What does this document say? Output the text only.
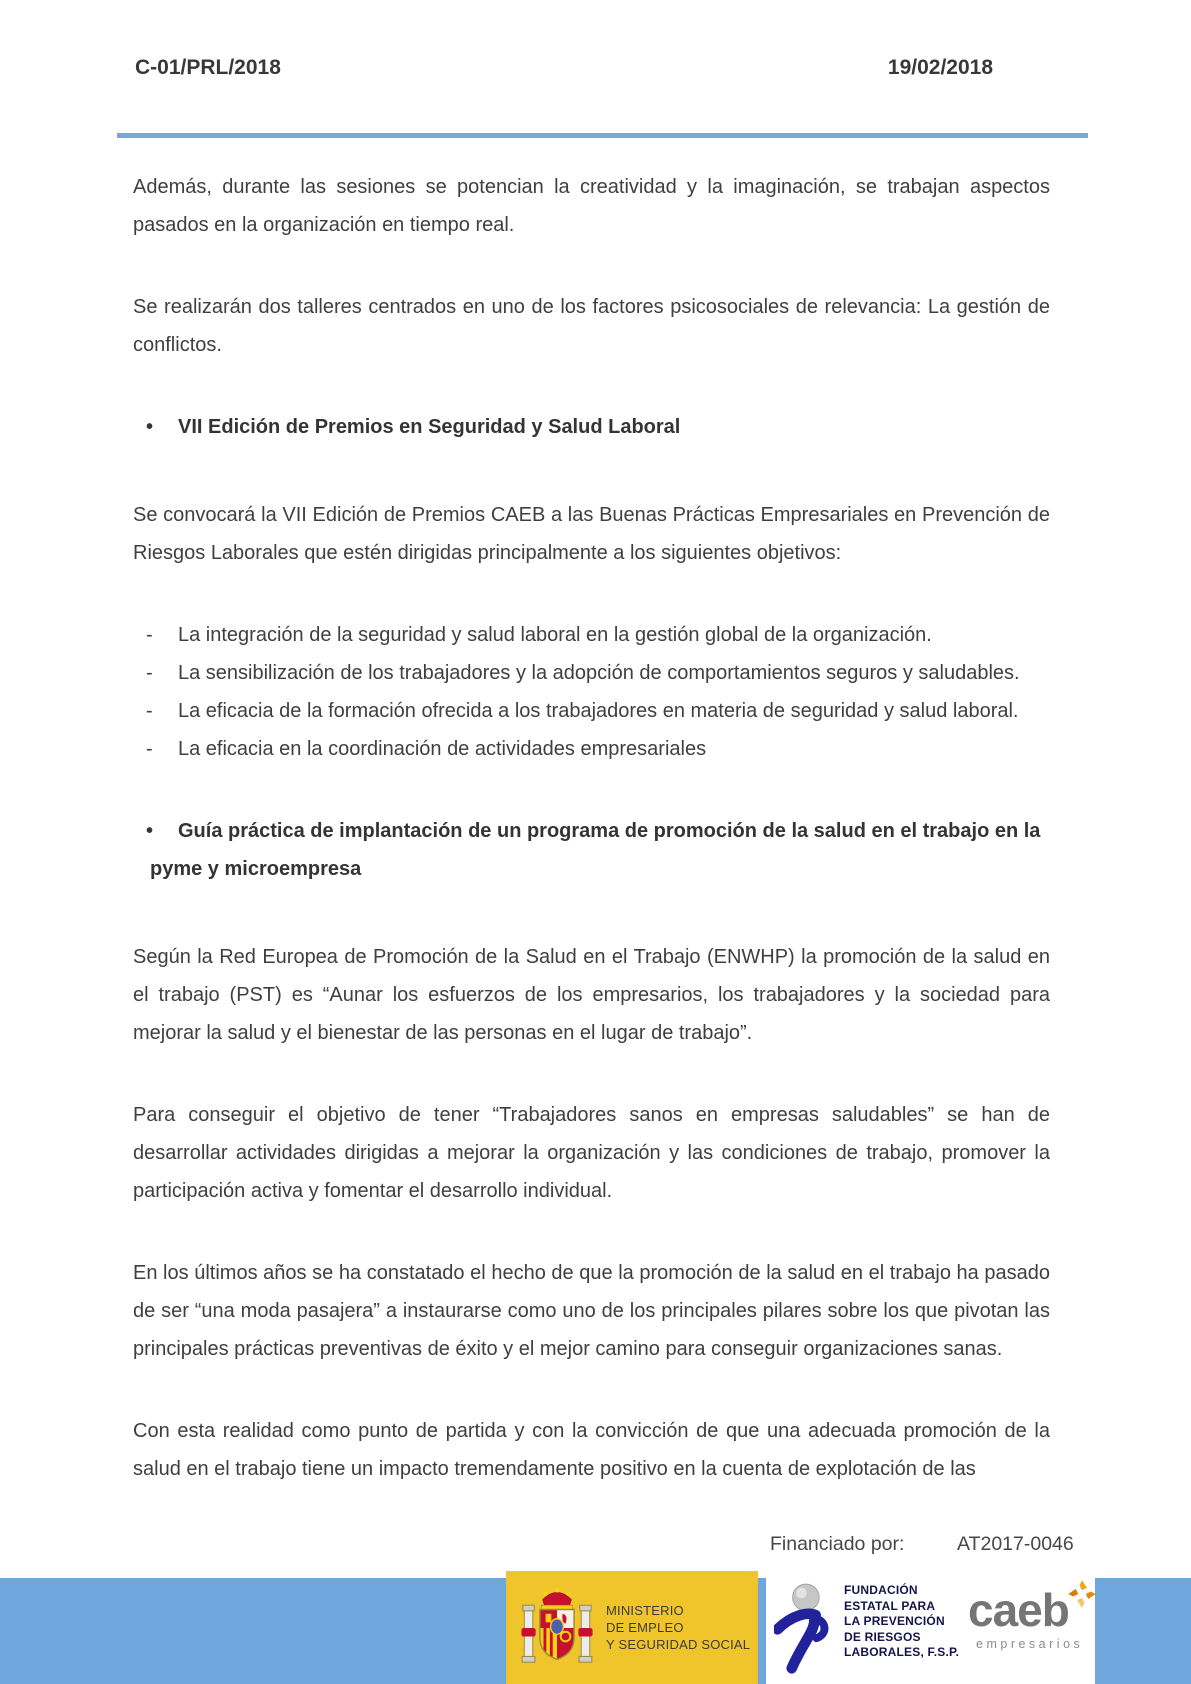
C-01/PRL/2018	19/02/2018

Además, durante las sesiones se potencian la creatividad y la imaginación, se trabajan aspectos pasados en la organización en tiempo real.

Se realizarán dos talleres centrados en uno de los factores psicosociales de relevancia: La gestión de conflictos.

• VII Edición de Premios en Seguridad y Salud Laboral

Se convocará la VII Edición de Premios CAEB a las Buenas Prácticas Empresariales en Prevención de Riesgos Laborales que estén dirigidas principalmente a los siguientes objetivos:

- La integración de la seguridad y salud laboral en la gestión global de la organización.
- La sensibilización de los trabajadores y la adopción de comportamientos seguros y saludables.
- La eficacia de la formación ofrecida a los trabajadores en materia de seguridad y salud laboral.
- La eficacia en la coordinación de actividades empresariales
• Guía práctica de implantación de un programa de promoción de la salud en el trabajo en la pyme y microempresa

Según la Red Europea de Promoción de la Salud en el Trabajo (ENWHP) la promoción de la salud en el trabajo (PST) es “Aunar los esfuerzos de los empresarios, los trabajadores y la sociedad para mejorar la salud y el bienestar de las personas en el lugar de trabajo”.

Para conseguir el objetivo de tener “Trabajadores sanos en empresas saludables” se han de desarrollar actividades dirigidas a mejorar la organización y las condiciones de trabajo, promover la participación activa y fomentar el desarrollo individual.

En los últimos años se ha constatado el hecho de que la promoción de la salud en el trabajo ha pasado de ser “una moda pasajera” a instaurarse como uno de los principales pilares sobre los que pivotan las principales prácticas preventivas de éxito y el mejor camino para conseguir organizaciones sanas.

Con esta realidad como punto de partida y con la convicción de que una adecuada promoción de la salud en el trabajo tiene un impacto tremendamente positivo en la cuenta de explotación de las

Financiado por:	AT2017-0046
MINISTERIO
DE EMPLEO
Y SEGURIDAD SOCIAL
FUNDACIÓN
ESTATAL PARA
LA PREVENCIÓN
DE RIESGOS
LABORALES, F.S.P.
caeb
empresarios
